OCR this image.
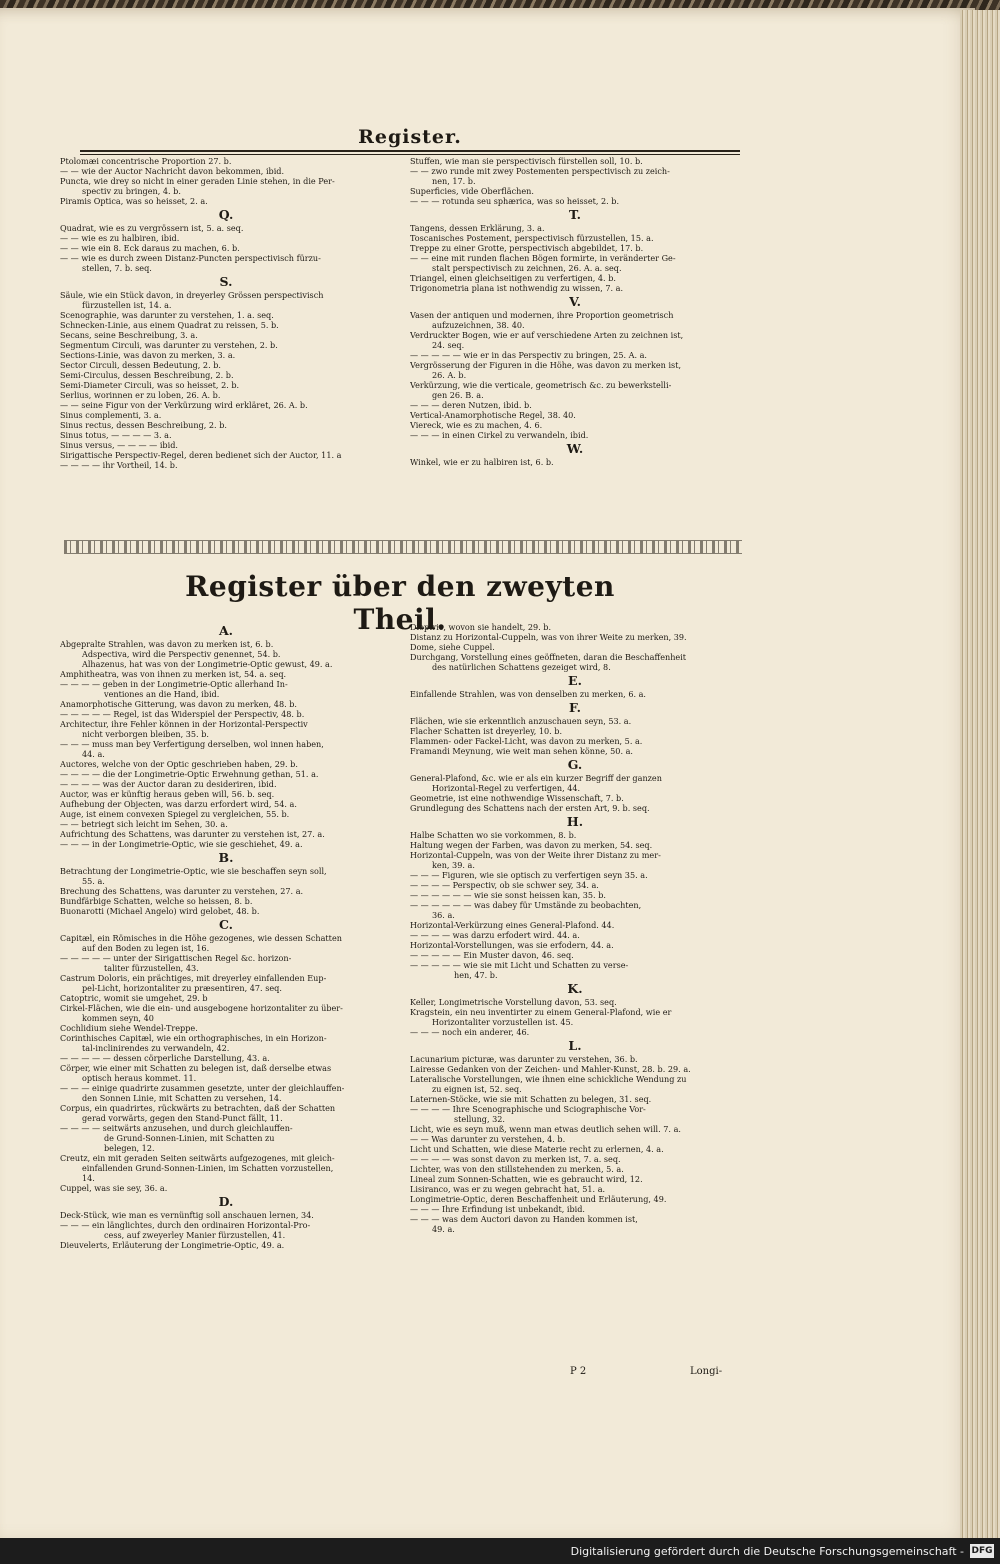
Register.
Ptolomæi concentrische Proportion 27. b.
— — wie der Auctor Nachricht davon bekommen, ibid.
Puncta, wie drey so nicht in einer geraden Linie stehen, in die Per-
spectiv zu bringen, 4. b.
Piramis Optica, was so heisset, 2. a.
Q.
Quadrat, wie es zu vergrössern ist, 5. a. seq.
— — wie es zu halbiren, ibid.
— — wie ein 8. Eck daraus zu machen, 6. b.
— — wie es durch zween Distanz-Puncten perspectivisch fürzu-
stellen, 7. b. seq.
S.
Säule, wie ein Stück davon, in dreyerley Grössen perspectivisch
fürzustellen ist, 14. a.
Scenographie, was darunter zu verstehen, 1. a. seq.
Schnecken-Linie, aus einem Quadrat zu reissen, 5. b.
Secans, seine Beschreibung, 3. a.
Segmentum Circuli, was darunter zu verstehen, 2. b.
Sections-Linie, was davon zu merken, 3. a.
Sector Circuli, dessen Bedeutung, 2. b.
Semi-Circulus, dessen Beschreibung, 2. b.
Semi-Diameter Circuli, was so heisset, 2. b.
Serlius, worinnen er zu loben, 26. A. b.
— — seine Figur von der Verkürzung wird erkläret, 26. A. b.
Sinus complementi, 3. a.
Sinus rectus, dessen Beschreibung, 2. b.
Sinus totus, — — — — 3. a.
Sinus versus, — — — — ibid.
Sirigattische Perspectiv-Regel, deren bedienet sich der Auctor, 11. a
— — — — ihr Vortheil, 14. b.
Stuffen, wie man sie perspectivisch fürstellen soll, 10. b.
— — zwo runde mit zwey Postementen perspectivisch zu zeich-
nen, 17. b.
Superficies, vide Oberflächen.
— — — rotunda seu sphærica, was so heisset, 2. b.
T.
Tangens, dessen Erklärung, 3. a.
Toscanisches Postement, perspectivisch fürzustellen, 15. a.
Treppe zu einer Grotte, perspectivisch abgebildet, 17. b.
— — eine mit runden flachen Bögen formirte, in veränderter Ge-
stalt perspectivisch zu zeichnen, 26. A. a. seq.
Triangel, einen gleichseitigen zu verfertigen, 4. b.
Trigonometria plana ist nothwendig zu wissen, 7. a.
V.
Vasen der antiquen und modernen, ihre Proportion geometrisch
aufzuzeichnen, 38. 40.
Verdruckter Bogen, wie er auf verschiedene Arten zu zeichnen ist,
24. seq.
— — — — — wie er in das Perspectiv zu bringen, 25. A. a.
Vergrösserung der Figuren in die Höhe, was davon zu merken ist,
26. A. b.
Verkürzung, wie die verticale, geometrisch &c. zu bewerkstelli-
gen 26. B. a.
— — — deren Nutzen, ibid. b.
Vertical-Anamorphotische Regel, 38. 40.
Viereck, wie es zu machen, 4. 6.
— — — in einen Cirkel zu verwandeln, ibid.
W.
Winkel, wie er zu halbiren ist, 6. b.
Register über den zweyten Theil.
A.
Abgepralte Strahlen, was davon zu merken ist, 6. b.
Adspectiva, wird die Perspectiv genennet, 54. b.
Alhazenus, hat was von der Longimetrie-Optic gewust, 49. a.
Amphitheatra, was von ihnen zu merken ist, 54. a. seq.
— — — — geben in der Longimetrie-Optic allerhand In-
ventiones an die Hand, ibid.
Anamorphotische Gitterung, was davon zu merken, 48. b.
— — — — — Regel, ist das Widerspiel der Perspectiv, 48. b.
Architectur, ihre Fehler können in der Horizontal-Perspectiv
nicht verborgen bleiben, 35. b.
— — — muss man bey Verfertigung derselben, wol innen haben,
44. a.
Auctores, welche von der Optic geschrieben haben, 29. b.
— — — — die der Longimetrie-Optic Erwehnung gethan, 51. a.
— — — — was der Auctor daran zu desideriren, ibid.
Auctor, was er künftig heraus geben will, 56. b. seq.
Aufhebung der Objecten, was darzu erfordert wird, 54. a.
Auge, ist einem convexen Spiegel zu vergleichen, 55. b.
— — betriegt sich leicht im Sehen, 30. a.
Aufrichtung des Schattens, was darunter zu verstehen ist, 27. a.
— — — in der Longimetrie-Optic, wie sie geschiehet, 49. a.
B.
Betrachtung der Longimetrie-Optic, wie sie beschaffen seyn soll,
55. a.
Brechung des Schattens, was darunter zu verstehen, 27. a.
Bundfärbige Schatten, welche so heissen, 8. b.
Buonarotti (Michael Angelo) wird gelobet, 48. b.
C.
Capitæl, ein Römisches in die Höhe gezogenes, wie dessen Schatten
auf den Boden zu legen ist, 16.
— — — — — unter der Sirigattischen Regel &c. horizon-
taliter fürzustellen, 43.
Castrum Doloris, ein prächtiges, mit dreyerley einfallenden Eup-
pel-Licht, horizontaliter zu præsentiren, 47. seq.
Catoptric, womit sie umgehet, 29. b
Cirkel-Flächen, wie die ein- und ausgebogene horizontaliter zu über-
kommen seyn, 40
Cochlidium siehe Wendel-Treppe.
Corinthisches Capitæl, wie ein orthographisches, in ein Horizon-
tal-inclinirendes zu verwandeln, 42.
— — — — — dessen cörperliche Darstellung, 43. a.
Cörper, wie einer mit Schatten zu belegen ist, daß derselbe etwas
optisch heraus kommet. 11.
— — — einige quadrirte zusammen gesetzte, unter der gleichlauffen-
den Sonnen Linie, mit Schatten zu versehen, 14.
Corpus, ein quadrirtes, rückwärts zu betrachten, daß der Schatten
gerad vorwärts, gegen den Stand-Punct fällt, 11.
— — — — seitwärts anzusehen, und durch gleichlauffen-
de Grund-Sonnen-Linien, mit Schatten zu
belegen, 12.
Creutz, ein mit geraden Seiten seitwärts aufgezogenes, mit gleich-
einfallenden Grund-Sonnen-Linien, im Schatten vorzustellen,
14.
Cuppel, was sie sey, 36. a.
D.
Deck-Stück, wie man es vernünftig soll anschauen lernen, 34.
— — — ein länglichtes, durch den ordinairen Horizontal-Pro-
cess, auf zweyerley Manier fürzustellen, 41.
Dieuvelerts, Erläuterung der Longimetrie-Optic, 49. a.
Dioptric, wovon sie handelt, 29. b.
Distanz zu Horizontal-Cuppeln, was von ihrer Weite zu merken, 39.
Dome, siehe Cuppel.
Durchgang, Vorstellung eines geöffneten, daran die Beschaffenheit
des natürlichen Schattens gezeiget wird, 8.
E.
Einfallende Strahlen, was von denselben zu merken, 6. a.
F.
Flächen, wie sie erkenntlich anzuschauen seyn, 53. a.
Flacher Schatten ist dreyerley, 10. b.
Flammen- oder Fackel-Licht, was davon zu merken, 5. a.
Framandi Meynung, wie weit man sehen könne, 50. a.
G.
General-Plafond, &c. wie er als ein kurzer Begriff der ganzen
Horizontal-Regel zu verfertigen, 44.
Geometrie, ist eine nothwendige Wissenschaft, 7. b.
Grundlegung des Schattens nach der ersten Art, 9. b. seq.
H.
Halbe Schatten wo sie vorkommen, 8. b.
Haltung wegen der Farben, was davon zu merken, 54. seq.
Horizontal-Cuppeln, was von der Weite ihrer Distanz zu mer-
ken, 39. a.
— — — Figuren, wie sie optisch zu verfertigen seyn 35. a.
— — — — Perspectiv, ob sie schwer sey, 34. a.
— — — — — — wie sie sonst heissen kan, 35. b.
— — — — — — was dabey für Umstände zu beobachten,
36. a.
Horizontal-Verkürzung eines General-Plafond. 44.
— — — — was darzu erfodert wird. 44. a.
Horizontal-Vorstellungen, was sie erfodern, 44. a.
— — — — — Ein Muster davon, 46. seq.
— — — — — wie sie mit Licht und Schatten zu verse-
hen, 47. b.
K.
Keller, Longimetrische Vorstellung davon, 53. seq.
Kragstein, ein neu inventirter zu einem General-Plafond, wie er
Horizontaliter vorzustellen ist. 45.
— — — noch ein anderer, 46.
L.
Lacunarium picturæ, was darunter zu verstehen, 36. b.
Lairesse Gedanken von der Zeichen- und Mahler-Kunst, 28. b. 29. a.
Lateralische Vorstellungen, wie ihnen eine schickliche Wendung zu
zu eignen ist, 52. seq.
Laternen-Stöcke, wie sie mit Schatten zu belegen, 31. seq.
— — — — Ihre Scenographische und Sciographische Vor-
stellung, 32.
Licht, wie es seyn muß, wenn man etwas deutlich sehen will. 7. a.
— — Was darunter zu verstehen, 4. b.
Licht und Schatten, wie diese Materie recht zu erlernen, 4. a.
— — — — was sonst davon zu merken ist, 7. a. seq.
Lichter, was von den stillstehenden zu merken, 5. a.
Lineal zum Sonnen-Schatten, wie es gebraucht wird, 12.
Lisiranco, was er zu wegen gebracht hat, 51. a.
Longimetrie-Optic, deren Beschaffenheit und Erläuterung, 49.
— — — Ihre Erfindung ist unbekandt, ibid.
— — — was dem Auctori davon zu Handen kommen ist,
49. a.
P 2	Longi-
Digitalisierung gefördert durch die Deutsche Forschungsgemeinschaft - DFG
